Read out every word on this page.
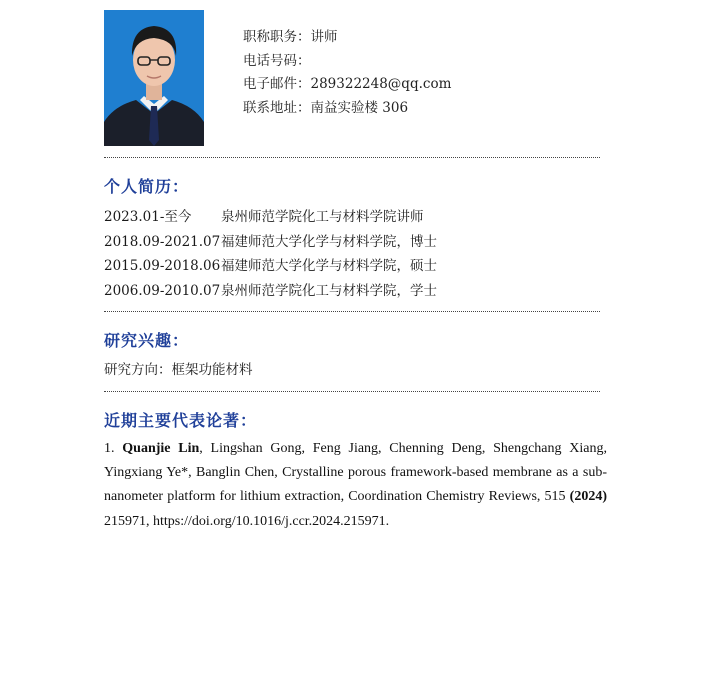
职称职务：讲师
电话号码：
电子邮件：289322248@qq.com
联系地址：南益实验楼 306
个人简历：
2023.01-至今 泉州师范学院化工与材料学院讲师
2018.09-2021.07福建师范大学化学与材料学院，博士
2015.09-2018.06福建师范大学化学与材料学院，硕士
2006.09-2010.07泉州师范学院化工与材料学院，学士
研究兴趣：
研究方向：框架功能材料
近期主要代表论著：
1. Quanjie Lin, Lingshan Gong, Feng Jiang, Chenning Deng, Shengchang Xiang, Yingxiang Ye*, Banglin Chen, Crystalline porous framework-based membrane as a sub-nanometer platform for lithium extraction, Coordination Chemistry Reviews, 515 (2024) 215971, https://doi.org/10.1016/j.ccr.2024.215971.
